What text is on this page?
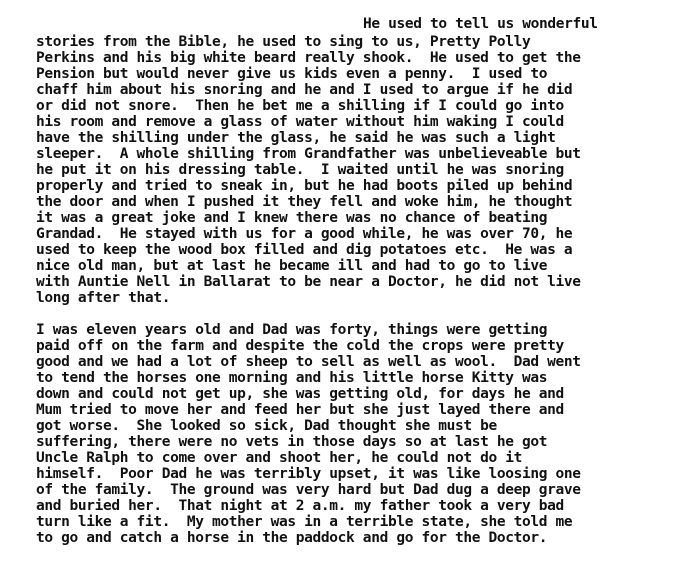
He used to tell us wonderful

stories from the Bible, he used to sing to us, Pretty Polly

Perkins and his big white beard really shook.  He used to get the

Pension but would never give us kids even a penny.  I used to

chaff him about his snoring and he and I used to argue if he did

or did not snore.  Then he bet me a shilling if I could go into

his room and remove a glass of water without him waking I could

have the shilling under the glass, he said he was such a light

sleeper.  A whole shilling from Grandfather was unbelieveable but

he put it on his dressing table.  I waited until he was snoring

properly and tried to sneak in, but he had boots piled up behind

the door and when I pushed it they fell and woke him, he thought

it was a great joke and I knew there was no chance of beating

Grandad.  He stayed with us for a good while, he was over 70, he

used to keep the wood box filled and dig potatoes etc.  He was a

nice old man, but at last he became ill and had to go to live

with Auntie Nell in Ballarat to be near a Doctor, he did not live

long after that.

I was eleven years old and Dad was forty, things were getting

paid off on the farm and despite the cold the crops were pretty

good and we had a lot of sheep to sell as well as wool.  Dad went

to tend the horses one morning and his little horse Kitty was

down and could not get up, she was getting old, for days he and

Mum tried to move her and feed her but she just layed there and

got worse.  She looked so sick, Dad thought she must be

suffering, there were no vets in those days so at last he got

Uncle Ralph to come over and shoot her, he could not do it

himself.  Poor Dad he was terribly upset, it was like loosing one

of the family.  The ground was very hard but Dad dug a deep grave

and buried her.  That night at 2 a.m. my father took a very bad

turn like a fit.  My mother was in a terrible state, she told me

to go and catch a horse in the paddock and go for the Doctor.
